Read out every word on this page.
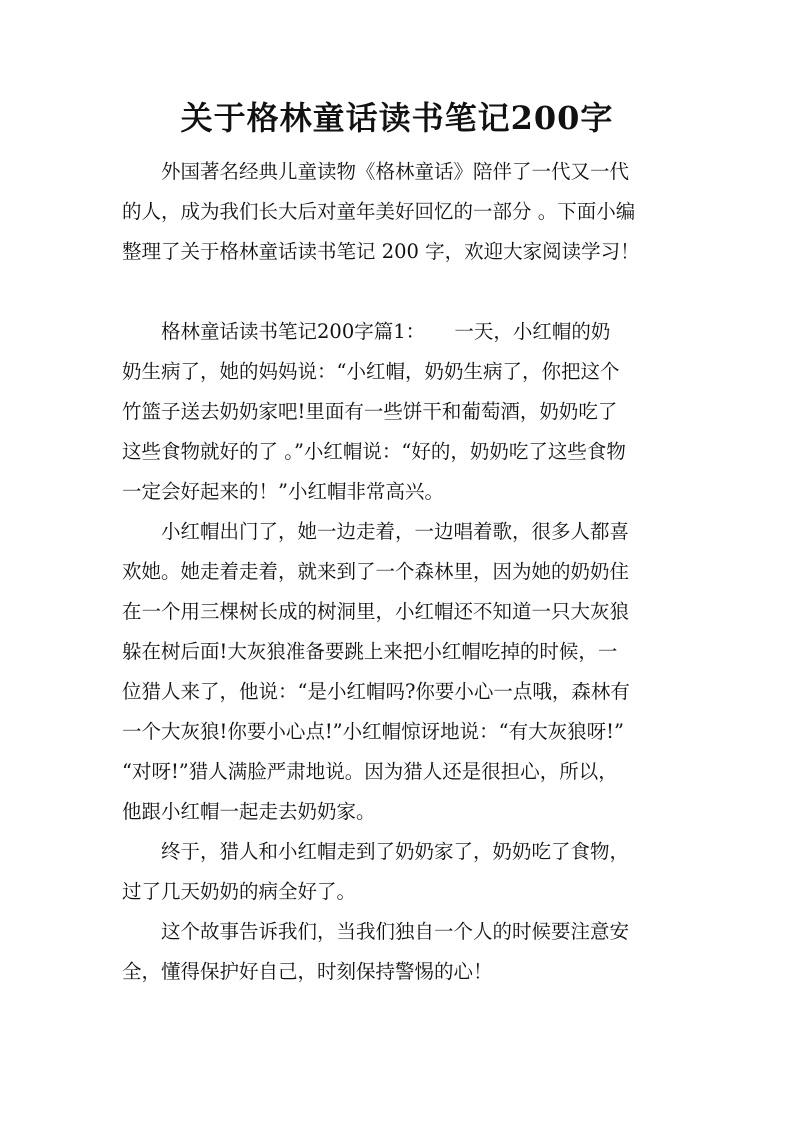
关于格林童话读书笔记200字
　　外国著名经典儿童读物《格林童话》陪伴了一代又一代
的人，成为我们长大后对童年美好回忆的一部分 。下面小编
整理了关于格林童话读书笔记 200 字，欢迎大家阅读学习！
　　格林童话读书笔记200字篇1：　　一天，小红帽的奶
奶生病了，她的妈妈说：“小红帽，奶奶生病了，你把这个
竹篮子送去奶奶家吧!里面有一些饼干和葡萄酒，奶奶吃了
这些食物就好的了 。”小红帽说：“好的，奶奶吃了这些食物
一定会好起来的！”小红帽非常高兴。
　　小红帽出门了，她一边走着，一边唱着歌，很多人都喜
欢她。她走着走着，就来到了一个森林里，因为她的奶奶住
在一个用三棵树长成的树洞里，小红帽还不知道一只大灰狼
躲在树后面!大灰狼准备要跳上来把小红帽吃掉的时候，一
位猎人来了，他说：“是小红帽吗?你要小心一点哦，森林有
一个大灰狼!你要小心点!”小红帽惊讶地说：“有大灰狼呀!”
“对呀!”猎人满脸严肃地说。因为猎人还是很担心，所以，
他跟小红帽一起走去奶奶家。
　　终于，猎人和小红帽走到了奶奶家了，奶奶吃了食物，
过了几天奶奶的病全好了。
　　这个故事告诉我们，当我们独自一个人的时候要注意安
全，懂得保护好自己，时刻保持警惕的心！
